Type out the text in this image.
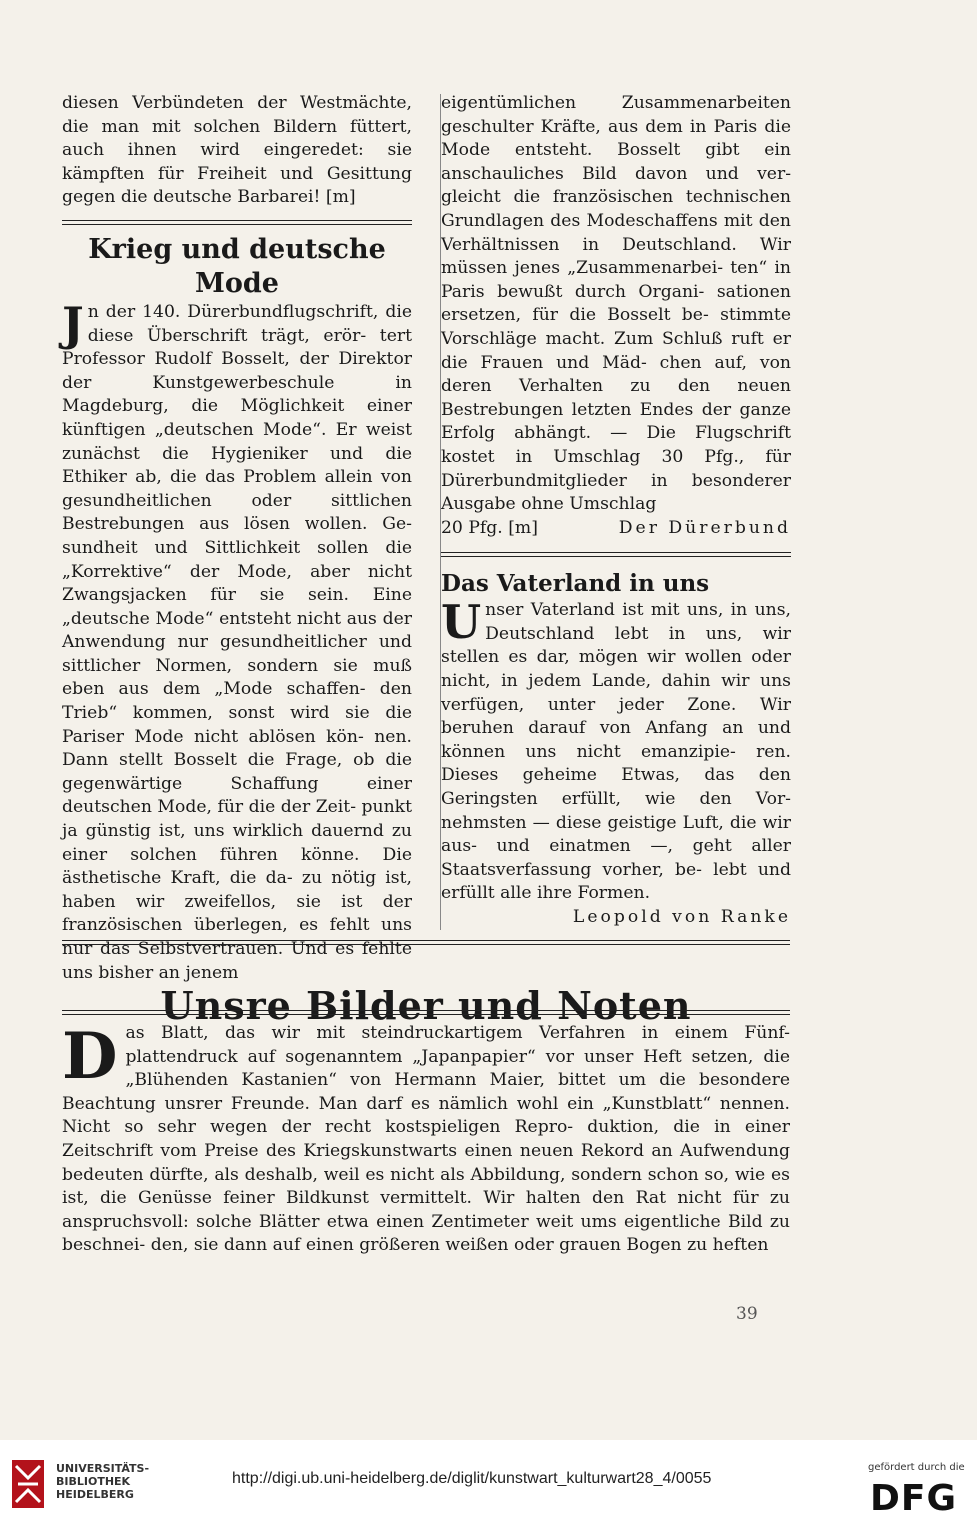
diesen Verbündeten der Westmächte, die man mit solchen Bildern füttert, auch ihnen wird eingeredet: sie kämpften für Freiheit und Gesittung gegen die deutsche Barbarei! [m]

Krieg und deutsche Mode

J n der 140. Dürerbundflugschrift, die diese Überschrift trägt, erör- tert Professor Rudolf Bosselt, der Direktor der Kunstgewerbeschule in Magdeburg, die Möglichkeit einer künftigen „deutschen Mode“. Er weist zunächst die Hygieniker und die Ethiker ab, die das Problem allein von gesundheitlichen oder sittlichen Bestrebungen aus lösen wollen. Ge- sundheit und Sittlichkeit sollen die „Korrektive“ der Mode, aber nicht Zwangsjacken für sie sein. Eine „deutsche Mode“ entsteht nicht aus der Anwendung nur gesundheitlicher und sittlicher Normen, sondern sie muß eben aus dem „Mode schaffen- den Trieb“ kommen, sonst wird sie die Pariser Mode nicht ablösen kön- nen. Dann stellt Bosselt die Frage, ob die gegenwärtige Schaffung einer deutschen Mode, für die der Zeit- punkt ja günstig ist, uns wirklich dauernd zu einer solchen führen könne. Die ästhetische Kraft, die da- zu nötig ist, haben wir zweifellos, sie ist der französischen überlegen, es fehlt uns nur das Selbstvertrauen. Und es fehlte uns bisher an jenem

eigentümlichen Zusammenarbeiten geschulter Kräfte, aus dem in Paris die Mode entsteht. Bosselt gibt ein anschauliches Bild davon und ver- gleicht die französischen technischen Grundlagen des Modeschaffens mit den Verhältnissen in Deutschland. Wir müssen jenes „Zusammenarbei- ten“ in Paris bewußt durch Organi- sationen ersetzen, für die Bosselt be- stimmte Vorschläge macht. Zum Schluß ruft er die Frauen und Mäd- chen auf, von deren Verhalten zu den neuen Bestrebungen letzten Endes der ganze Erfolg abhängt. — Die Flugschrift kostet in Umschlag 30 Pfg., für Dürerbundmitglieder in besonderer Ausgabe ohne Umschlag

20 Pfg. [m]	Der Dürerbund
Das Vaterland in uns

U nser Vaterland ist mit uns, in uns, Deutschland lebt in uns, wir stellen es dar, mögen wir wollen oder nicht, in jedem Lande, dahin wir uns verfügen, unter jeder Zone. Wir beruhen darauf von Anfang an und können uns nicht emanzipie- ren. Dieses geheime Etwas, das den Geringsten erfüllt, wie den Vor- nehmsten — diese geistige Luft, die wir aus- und einatmen —, geht aller Staatsverfassung vorher, be- lebt und erfüllt alle ihre Formen.

Leopold von Ranke
Unsre Bilder und Noten

D as Blatt, das wir mit steindruckartigem Verfahren in einem Fünf- plattendruck auf sogenanntem „Japanpapier“ vor unser Heft setzen, die „Blühenden Kastanien“ von Hermann Maier, bittet um die besondere Beachtung unsrer Freunde. Man darf es nämlich wohl ein „Kunstblatt“ nennen. Nicht so sehr wegen der recht kostspieligen Repro- duktion, die in einer Zeitschrift vom Preise des Kriegskunstwarts einen neuen Rekord an Aufwendung bedeuten dürfte, als deshalb, weil es nicht als Abbildung, sondern schon so, wie es ist, die Genüsse feiner Bildkunst vermittelt. Wir halten den Rat nicht für zu anspruchsvoll: solche Blätter etwa einen Zentimeter weit ums eigentliche Bild zu beschnei- den, sie dann auf einen größeren weißen oder grauen Bogen zu heften

39
UNIVERSITÄTS-
BIBLIOTHEK
HEIDELBERG
http://digi.ub.uni-heidelberg.de/diglit/kunstwart_kulturwart28_4/0055
gefördert durch die
DFG
